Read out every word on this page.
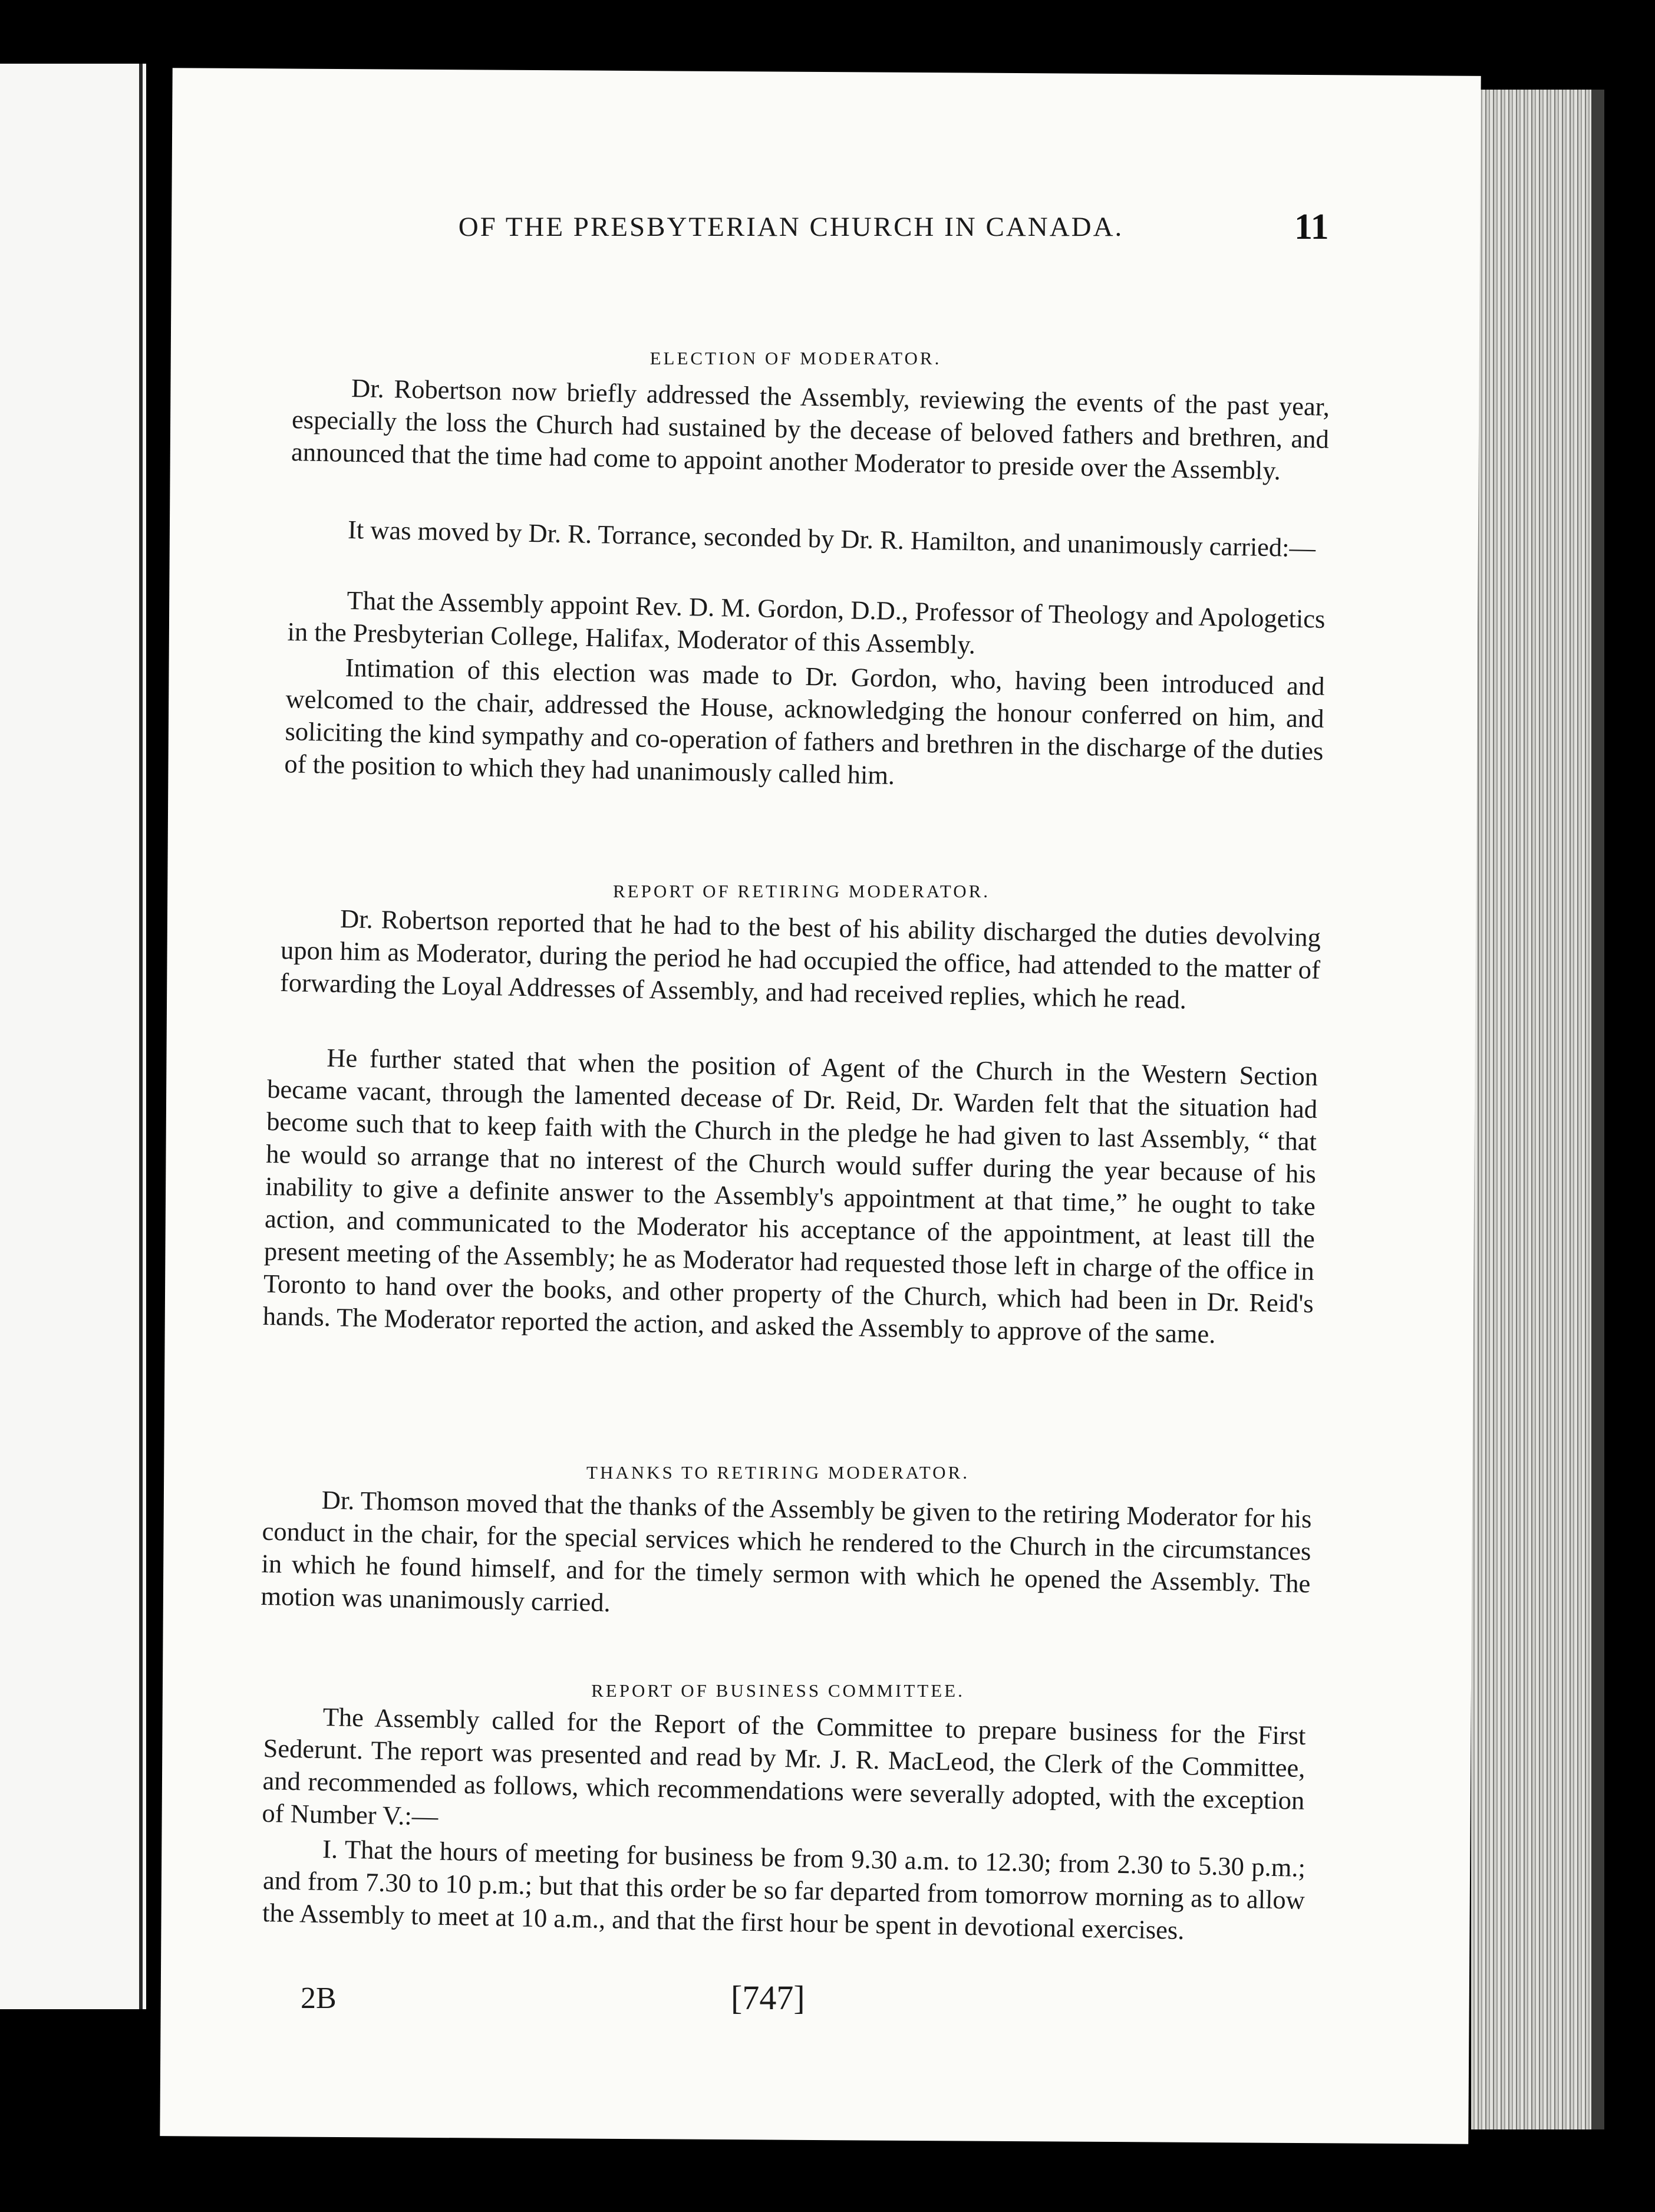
OF THE PRESBYTERIAN CHURCH IN CANADA.	11
ELECTION OF MODERATOR.
Dr. Robertson now briefly addressed the Assembly, reviewing the events of the past year, especially the loss the Church had sustained by the decease of beloved fathers and brethren, and announced that the time had come to appoint another Moderator to preside over the Assembly.
It was moved by Dr. R. Torrance, seconded by Dr. R. Hamilton, and unanimously carried:—
That the Assembly appoint Rev. D. M. Gordon, D.D., Professor of Theology and Apologetics in the Presbyterian College, Halifax, Moderator of this Assembly.
Intimation of this election was made to Dr. Gordon, who, having been introduced and welcomed to the chair, addressed the House, acknowledging the honour conferred on him, and soliciting the kind sympathy and co-operation of fathers and brethren in the discharge of the duties of the position to which they had unanimously called him.
REPORT OF RETIRING MODERATOR.
Dr. Robertson reported that he had to the best of his ability discharged the duties devolving upon him as Moderator, during the period he had occupied the office, had attended to the matter of forwarding the Loyal Addresses of Assembly, and had received replies, which he read.
He further stated that when the position of Agent of the Church in the Western Section became vacant, through the lamented decease of Dr. Reid, Dr. Warden felt that the situation had become such that to keep faith with the Church in the pledge he had given to last Assembly, “ that he would so arrange that no interest of the Church would suffer during the year because of his inability to give a definite answer to the Assembly's appointment at that time,” he ought to take action, and communicated to the Moderator his acceptance of the appointment, at least till the present meeting of the Assembly; he as Moderator had requested those left in charge of the office in Toronto to hand over the books, and other property of the Church, which had been in Dr. Reid's hands. The Moderator reported the action, and asked the Assembly to approve of the same.
THANKS TO RETIRING MODERATOR.
Dr. Thomson moved that the thanks of the Assembly be given to the retiring Moderator for his conduct in the chair, for the special services which he rendered to the Church in the circumstances in which he found himself, and for the timely sermon with which he opened the Assembly. The motion was unanimously carried.
REPORT OF BUSINESS COMMITTEE.
The Assembly called for the Report of the Committee to prepare business for the First Sederunt. The report was presented and read by Mr. J. R. MacLeod, the Clerk of the Committee, and recommended as follows, which recommendations were severally adopted, with the exception of Number V.:—
I. That the hours of meeting for business be from 9.30 a.m. to 12.30; from 2.30 to 5.30 p.m.; and from 7.30 to 10 p.m.; but that this order be so far departed from tomorrow morning as to allow the Assembly to meet at 10 a.m., and that the first hour be spent in devotional exercises.
2B	[747]
